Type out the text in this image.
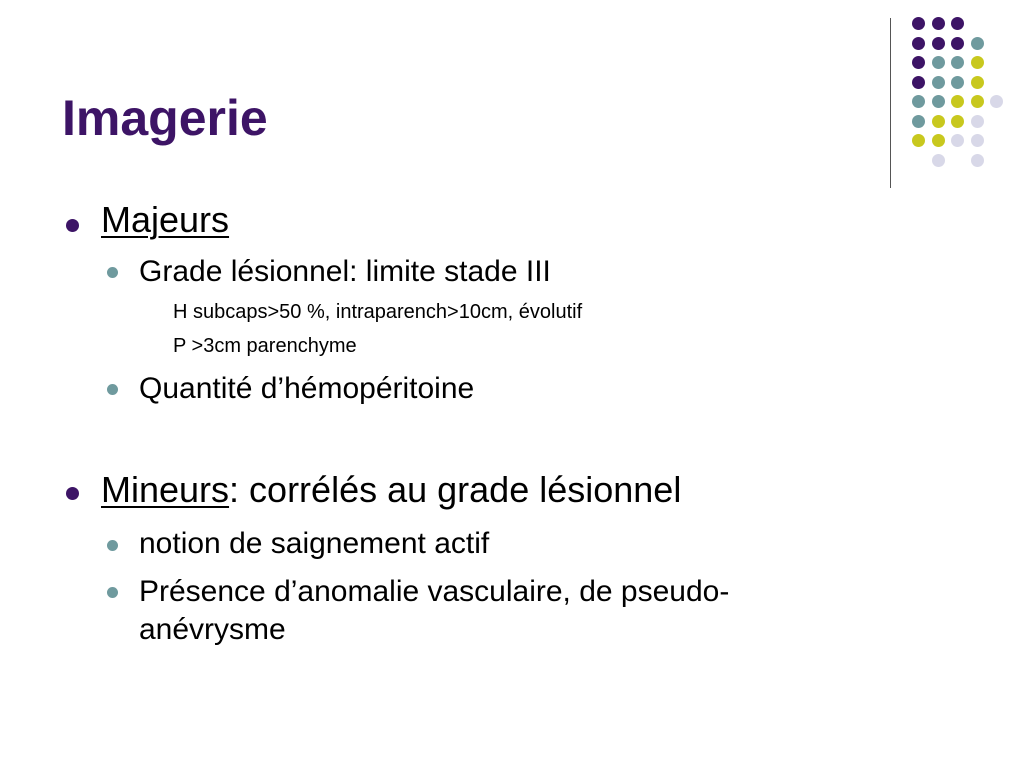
Imagerie
Majeurs
Grade lésionnel: limite stade III
H subcaps>50 %, intraparench>10cm, évolutif
P >3cm parenchyme
Quantité d’hémopéritoine
Mineurs: corrélés au grade lésionnel
notion de saignement actif
Présence d’anomalie vasculaire, de pseudo-
anévrysme
